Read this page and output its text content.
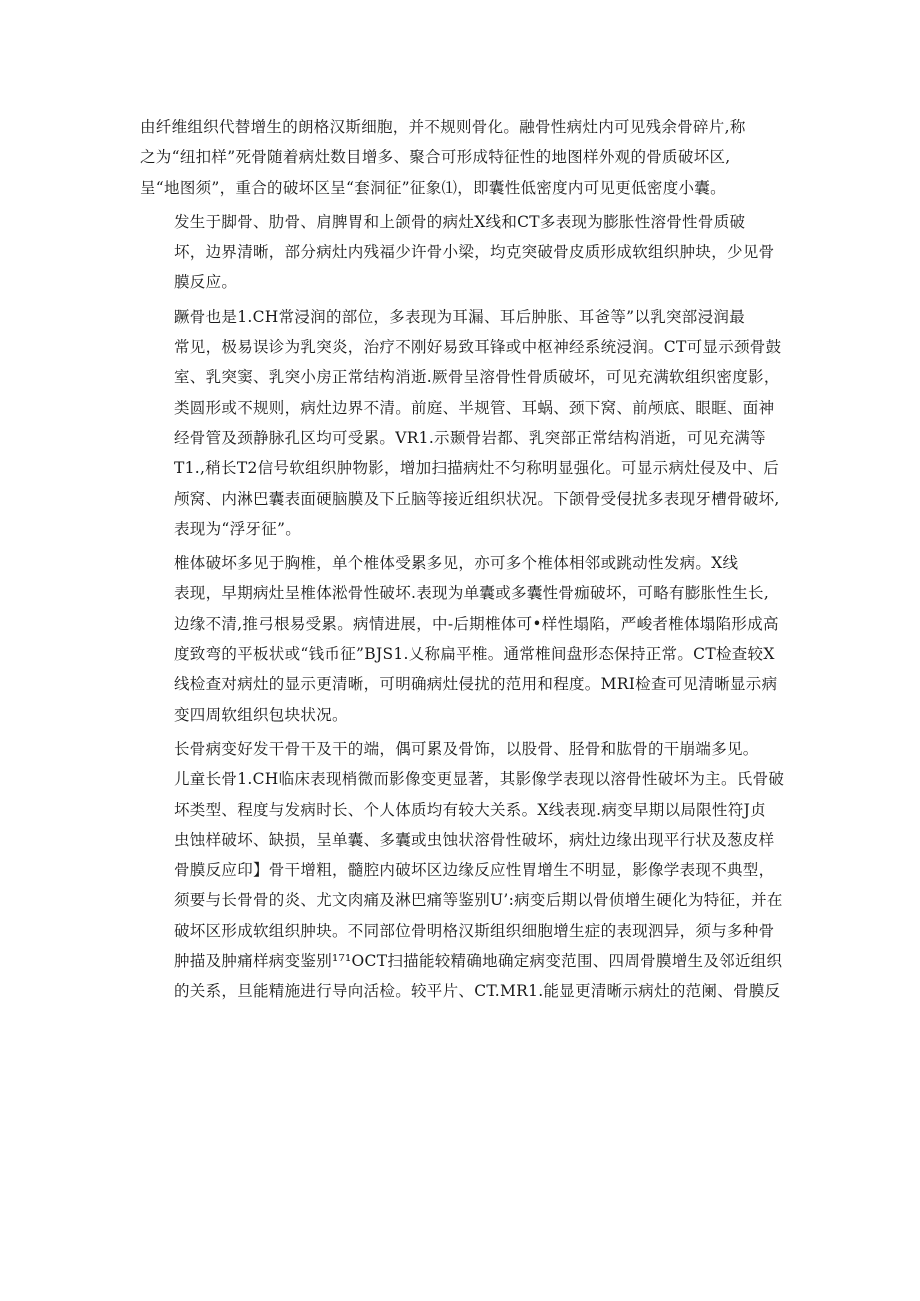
由纤维组织代替增生的朗格汉斯细胞，并不规则骨化。融骨性病灶内可见残余骨碎片,称
之为“纽扣样”死骨随着病灶数目增多、聚合可形成特征性的地图样外观的骨质破坏区,
呈“地图须”，重合的破坏区呈“套洞征”征象⑴，即囊性低密度内可见更低密度小囊。

发生于脚骨、肋骨、肩脾胃和上颌骨的病灶X线和CT多表现为膨胀性溶骨性骨质破
坏，边界清晰，部分病灶内残福少许骨小梁，均克突破骨皮质形成软组织肿块，少见骨
膜反应。

蹶骨也是1.CH常浸润的部位，多表现为耳漏、耳后肿胀、耳爸等”以乳突部浸润最
常见，极易误诊为乳突炎，治疗不刚好易致耳锋或中枢神经系统浸润。CT可显示颈骨鼓
室、乳突窦、乳突小房正常结构消逝.厥骨呈溶骨性骨质破坏，可见充满软组织密度影，
类圆形或不规则，病灶边界不清。前庭、半规管、耳蜗、颈下窝、前颅底、眼眶、面神
经骨管及颈静脉孔区均可受累。VR1.示颞骨岩都、乳突部正常结构消逝，可见充满等
T1.,稍长T2信号软组织肿物影，增加扫描病灶不匀称明显强化。可显示病灶侵及中、后
颅窝、内淋巴囊表面硬脑膜及下丘脑等接近组织状况。下颌骨受侵扰多表现牙槽骨破坏,
表现为“浮牙征”。

椎体破坏多见于胸椎，单个椎体受累多见，亦可多个椎体相邻或跳动性发病。X线
表现，早期病灶呈椎体淞骨性破坏.表现为单囊或多囊性骨痂破坏，可略有膨胀性生长,
边缘不清,推弓根易受累。病情进展，中-后期椎体可•样性塌陷，严峻者椎体塌陷形成高
度致弯的平板状或“钱币征”BJS1.乂称扁平椎。通常椎间盘形态保持正常。CT检查较X
线检查对病灶的显示更清晰，可明确病灶侵扰的范用和程度。MRI检查可见清晰显示病
变四周软组织包块状况。

长骨病变好发干骨干及干的端，偶可累及骨饰，以股骨、胫骨和肱骨的干崩端多见。
儿童长骨1.CH临床表现梢微而影像变更显著，其影像学表现以溶骨性破坏为主。氏骨破
坏类型、程度与发病时长、个人体质均有较大关系。X线表现.病变早期以局限性符J贞
虫蚀样破坏、缺损，呈单囊、多囊或虫蚀状溶骨性破坏，病灶边缘出现平行状及葱皮样
骨膜反应印】骨干增粗，髓腔内破坏区边缘反应性胃增生不明显，影像学表现不典型，
须要与长骨骨的炎、尤文肉痛及淋巴痛等鉴别U’:病变后期以骨侦增生硬化为特征，并在
破坏区形成软组织肿块。不同部位骨明格汉斯组织细胞增生症的表现泗异，须与多种骨
肿描及肿痛样病变鉴别¹⁷¹OCT扫描能较精确地确定病变范围、四周骨膜增生及邻近组织
的关系，旦能精施进行导向活检。较平片、CT.MR1.能显更清晰示病灶的范阑、骨膜反
